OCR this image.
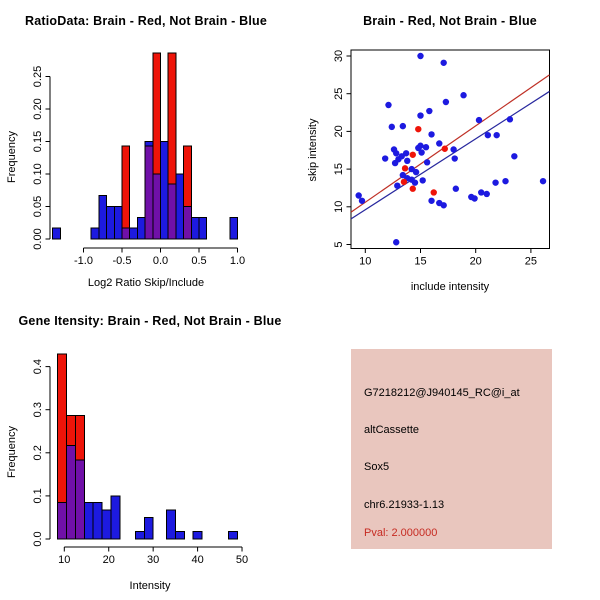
RatioData: Brain - Red, Not Brain - Blue
Frequency
Log2 Ratio Skip/Include
-1.0 -0.5 0.0 0.5 1.0
0.00
0.05
0.10
0.15
0.20
0.25
Brain - Red, Not Brain - Blue
skip intensity
include intensity
10	15	20	25
5
10
15
20
25
30
Gene Itensity: Brain - Red, Not Brain - Blue
Frequency
Intensity
10	20	30	40	50
0.0
0.1
0.2
0.3
0.4
G7218212@J940145_RC@i_at
altCassette
Sox5
chr6.21933-1.13
Pval: 2.000000
